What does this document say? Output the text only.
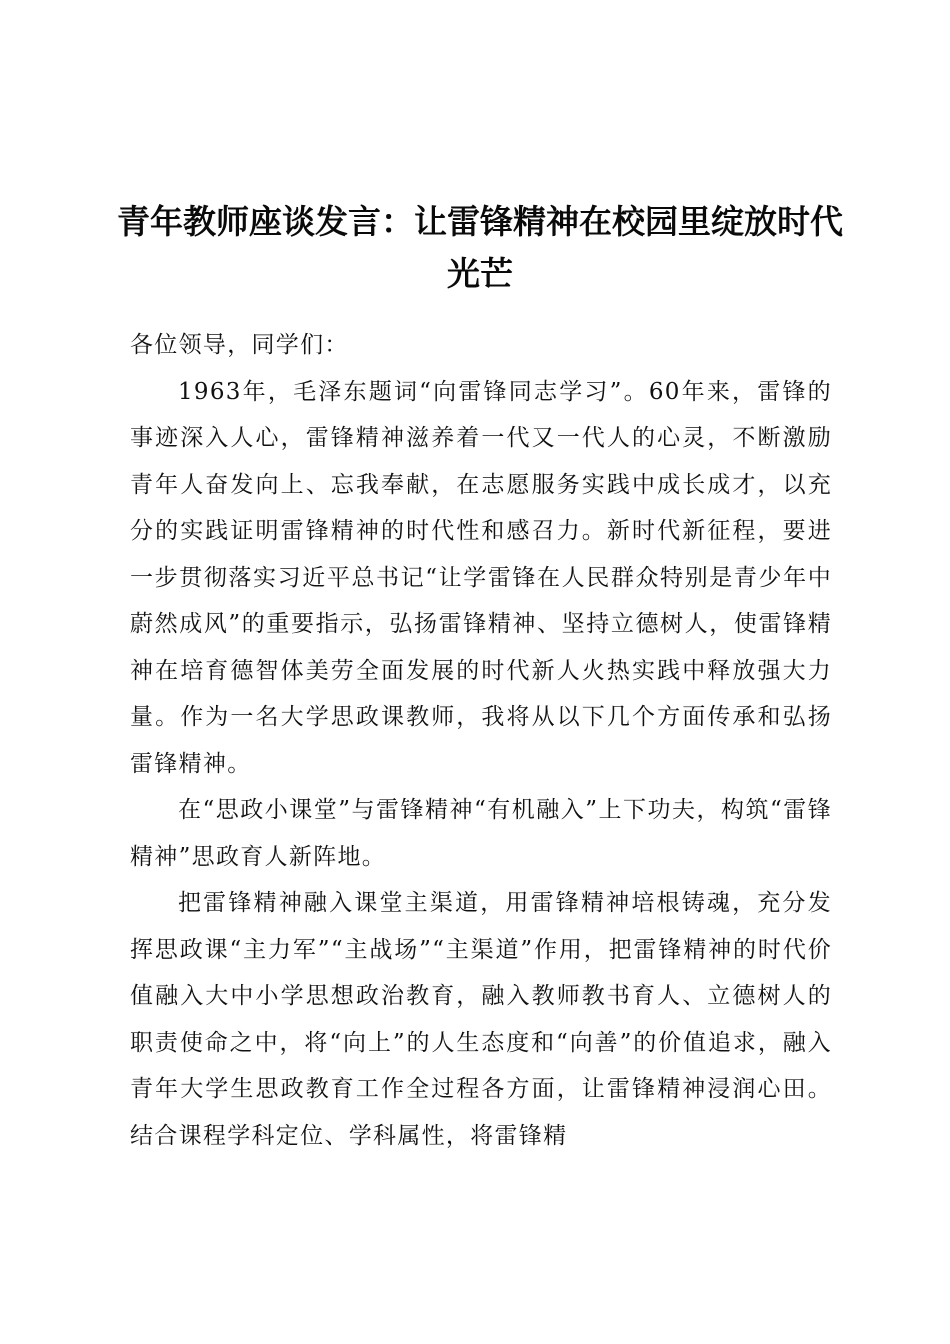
青年教师座谈发言：让雷锋精神在校园里绽放时代光芒

各位领导，同学们：

1963年，毛泽东题词“向雷锋同志学习”。60年来，雷锋的事迹深入人心，雷锋精神滋养着一代又一代人的心灵，不断激励青年人奋发向上、忘我奉献，在志愿服务实践中成长成才，以充分的实践证明雷锋精神的时代性和感召力。新时代新征程，要进一步贯彻落实习近平总书记“让学雷锋在人民群众特别是青少年中蔚然成风”的重要指示，弘扬雷锋精神、坚持立德树人，使雷锋精神在培育德智体美劳全面发展的时代新人火热实践中释放强大力量。作为一名大学思政课教师，我将从以下几个方面传承和弘扬雷锋精神。

在“思政小课堂”与雷锋精神“有机融入”上下功夫，构筑“雷锋精神”思政育人新阵地。

把雷锋精神融入课堂主渠道，用雷锋精神培根铸魂，充分发挥思政课“主力军”“主战场”“主渠道”作用，把雷锋精神的时代价值融入大中小学思想政治教育，融入教师教书育人、立德树人的职责使命之中，将“向上”的人生态度和“向善”的价值追求，融入青年大学生思政教育工作全过程各方面，让雷锋精神浸润心田。结合课程学科定位、学科属性，将雷锋精
